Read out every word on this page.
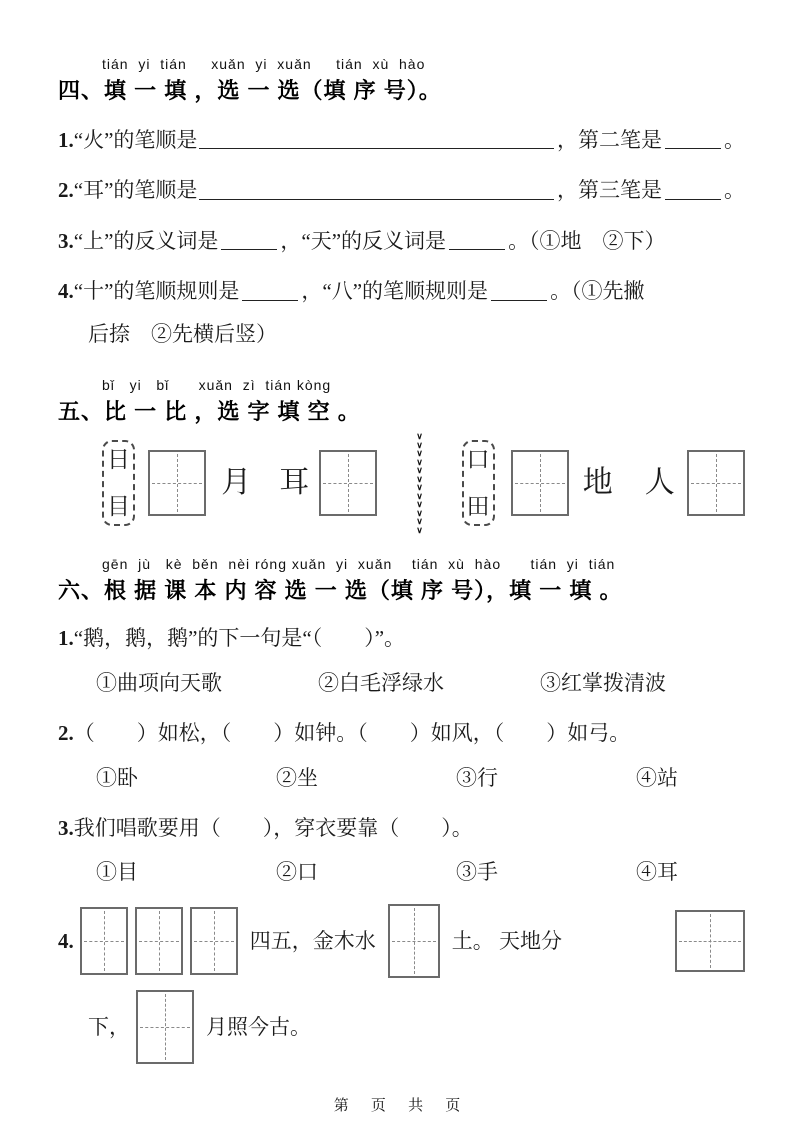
tián  yi  tián     xuǎn  yi  xuǎn     tián  xù  hào
四、填 一 填 ，选 一 选（填 序 号）。
1. “火”的笔顺是	，第二笔是	。
2. “耳”的笔顺是	，第三笔是	。
3. “上”的反义词是	，“天”的反义词是	。（①地　②下）
4. “十”的笔顺规则是	，“八”的笔顺规则是	。（①先撇
后捺　②先横后竖）
bǐ   yi   bǐ      xuǎn  zì  tián kòng
五、比 一 比 ，选 字 填 空 。
日
目
月 耳
∨∨∨∨∨∨∨∨∨∨∨∨
口
田
地 人
gēn  jù   kè  běn  nèi róng xuǎn  yi  xuǎn    tián  xù  hào      tián  yi  tián
六、根 据 课 本 内 容 选 一 选（填 序 号），填 一 填 。
1. “鹅，鹅，鹅”的下一句是“（　　）”。
①曲项向天歌	②白毛浮绿水	③红掌拨清波
2. （　　）如松，（　　）如钟。（　　）如风，（　　）如弓。
①卧	②坐	③行	④站
3. 我们唱歌要用（　　），穿衣要靠（　　）。
①目	②口	③手	④耳
4.	四五，金木水	土。 天地分
下，	月照今古。
第 页 共 页
